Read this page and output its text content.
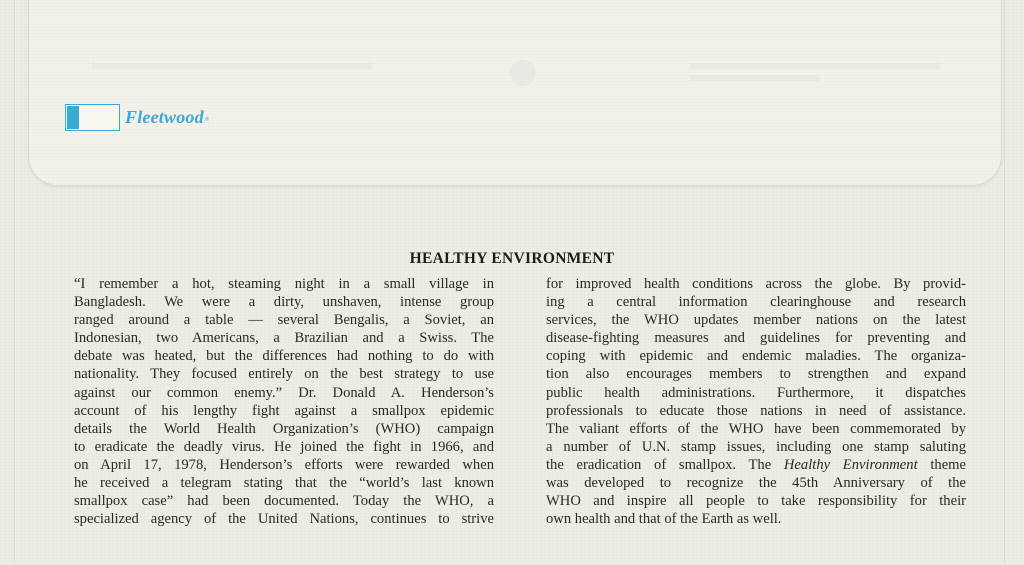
Fleetwood ®
HEALTHY ENVIRONMENT
“I remember a hot, steaming night in a small village in
Bangladesh. We were a dirty, unshaven, intense group
ranged around a table — several Bengalis, a Soviet, an
Indonesian, two Americans, a Brazilian and a Swiss. The
debate was heated, but the differences had nothing to do with
nationality. They focused entirely on the best strategy to use
against our common enemy.” Dr. Donald A. Henderson’s
account of his lengthy fight against a smallpox epidemic
details the World Health Organization’s (WHO) campaign
to eradicate the deadly virus. He joined the fight in 1966, and
on April 17, 1978, Henderson’s efforts were rewarded when
he received a telegram stating that the “world’s last known
smallpox case” had been documented. Today the WHO, a
specialized agency of the United Nations, continues to strive
for improved health conditions across the globe. By provid-
ing a central information clearinghouse and research
services, the WHO updates member nations on the latest
disease-fighting measures and guidelines for preventing and
coping with epidemic and endemic maladies. The organiza-
tion also encourages members to strengthen and expand
public health administrations. Furthermore, it dispatches
professionals to educate those nations in need of assistance.
The valiant efforts of the WHO have been commemorated by
a number of U.N. stamp issues, including one stamp saluting
the eradication of smallpox. The Healthy Environment theme
was developed to recognize the 45th Anniversary of the
WHO and inspire all people to take responsibility for their
own health and that of the Earth as well.
